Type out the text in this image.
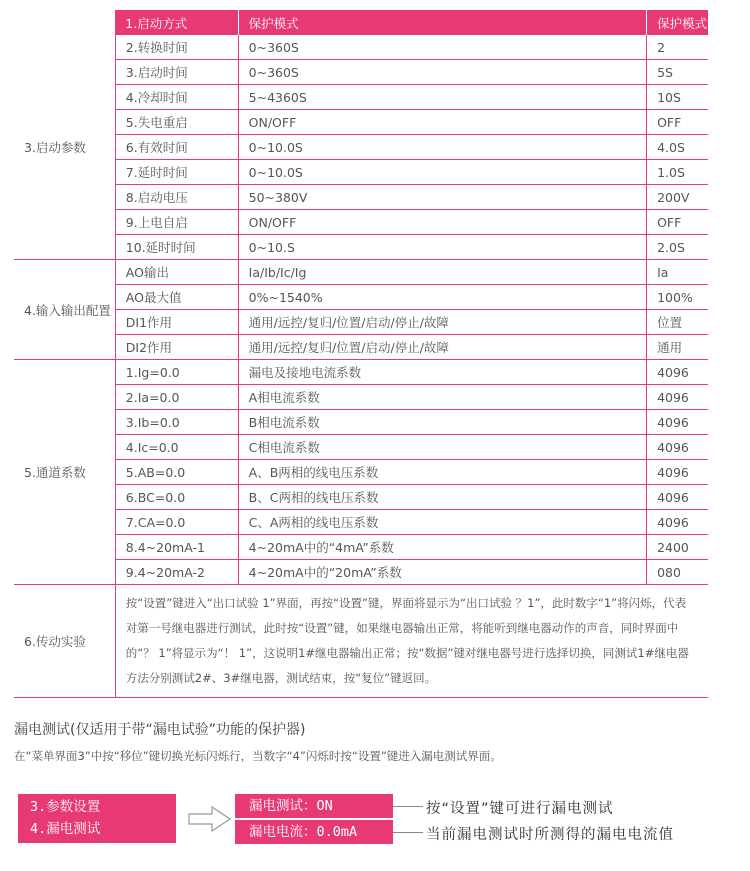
	1.启动方式	保护模式	保护模式
3.启动参数	2.转换时间	0~360S	2
	3.启动时间	0~360S	5S
	4.冷却时间	5~4360S	10S
	5.失电重启	ON/OFF	OFF
	6.有效时间	0~10.0S	4.0S
	7.延时时间	0~10.0S	1.0S
	8.启动电压	50~380V	200V
	9.上电自启	ON/OFF	OFF
	10.延时时间	0~10.S	2.0S
4.输入输出配置	AO输出	Ia/Ib/Ic/Ig	Ia
	AO最大值	0%~1540%	100%
	DI1作用	通用/远控/复归/位置/启动/停止/故障	位置
	DI2作用	通用/远控/复归/位置/启动/停止/故障	通用
5.通道系数	1.Ig=0.0	漏电及接地电流系数	4096
	2.Ia=0.0	A相电流系数	4096
	3.Ib=0.0	B相电流系数	4096
	4.Ic=0.0	C相电流系数	4096
	5.AB=0.0	A、B两相的线电压系数	4096
	6.BC=0.0	B、C两相的线电压系数	4096
	7.CA=0.0	C、A两相的线电压系数	4096
	8.4~20mA-1	4~20mA中的“4mA”系数	2400
	9.4~20mA-2	4~20mA中的“20mA”系数	080
6.传动实验	按“设置”键进入“出口试验 1”界面，再按“设置”键，界面将显示为“出口试验 ？1”，此时数字“1”将闪烁，代表对第一号继电器进行测试，此时按“设置”键，如果继电器输出正常，将能听到继电器动作的声音，同时界面中的“？ 1”将显示为“！ 1”，这说明1#继电器输出正常；按“数据”键对继电器号进行选择切换，同测试1#继电器方法分别测试2#、3#继电器，测试结束，按“复位”键返回。		
漏电测试(仅适用于带“漏电试验”功能的保护器)
在“菜单界面3”中按“移位”键切换光标闪烁行，当数字“4”闪烁时按“设置”键进入漏电测试界面。
3.参数设置
4.漏电测试
漏电测试：ON
漏电电流：0.0mA
按“设置”键可进行漏电测试
当前漏电测试时所测得的漏电电流值
